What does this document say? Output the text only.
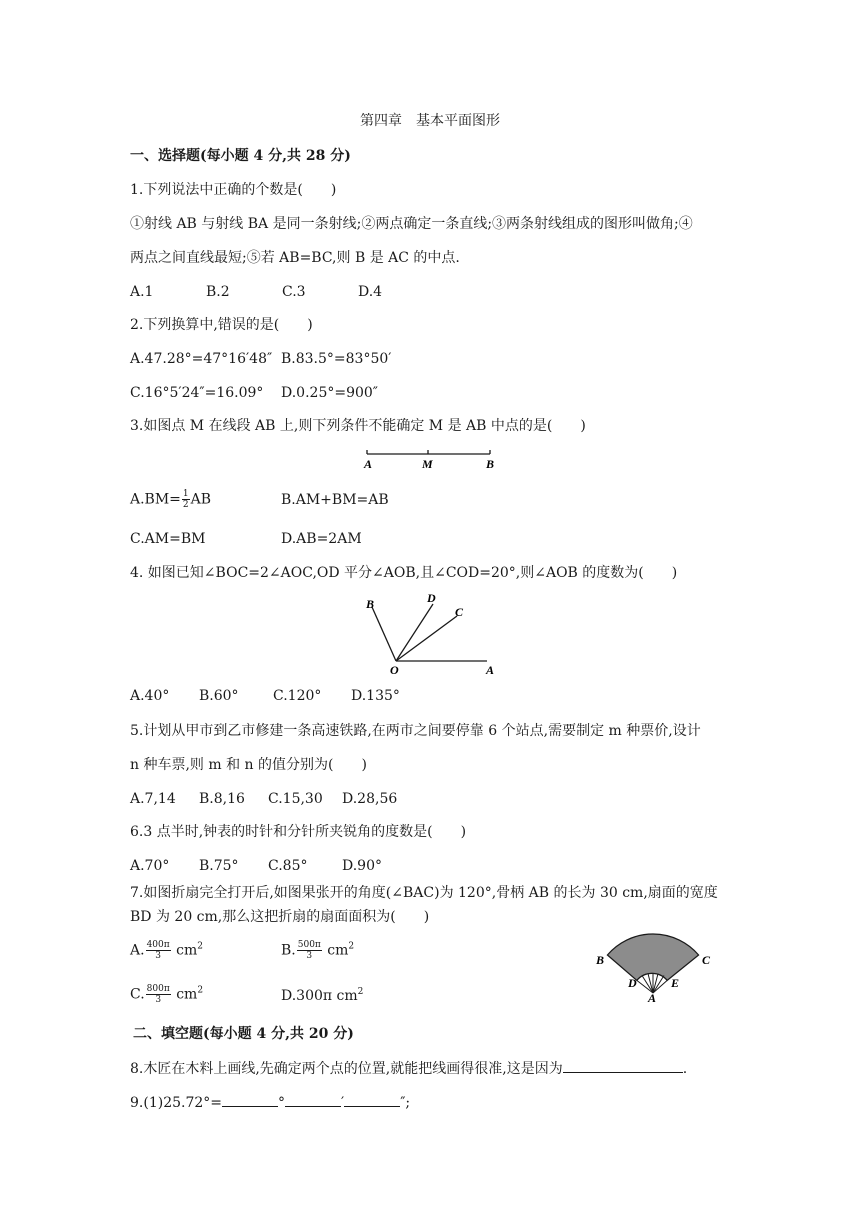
第四章　基本平面图形
一、选择题(每小题 4 分,共 28 分)
1.下列说法中正确的个数是(　　)
①射线 AB 与射线 BA 是同一条射线;②两点确定一条直线;③两条射线组成的图形叫做角;④
两点之间直线最短;⑤若 AB=BC,则 B 是 AC 的中点.
A.1	B.2	C.3	D.4
2.下列换算中,错误的是(　　)
A.47.28°=47°16′48″ B.83.5°=83°50′
C.16°5′24″=16.09° D.0.25°=900″
3.如图点 M 在线段 AB 上,则下列条件不能确定 M 是 AB 中点的是(　　)
A	M	B
$A.BM= \frac{1}{2}$ AB	B.AM+BM=AB
C.AM=BM	D.AB=2AM
4. 如图已知∠BOC=2∠AOC,OD 平分∠AOB,且∠COD=20°,则∠AOB 的度数为(　　)
B	D
C
O	A
A.40° B.60° C.120° D.135°
5.计划从甲市到乙市修建一条高速铁路,在两市之间要停靠 6 个站点,需要制定 m 种票价,设计
n 种车票,则 m 和 n 的值分别为(　　)
A.7,14 B.8,16 C.15,30 D.28,56
6.3 点半时,钟表的时针和分针所夹锐角的度数是(　　)
A.70° B.75° C.85° D.90°
7.如图折扇完全打开后,如图果张开的角度(∠BAC)为 120°,骨柄 AB 的长为 30 cm,扇面的宽度
BD 为 20 cm,那么这把折扇的扇面面积为(　　)
A. $\frac{400\pi}{3} cm^2$	B. $\frac{500\pi}{3} cm^2$
C. $\frac{800\pi}{3} cm^2$	D.300π $cm^2$
B	C
D	E
A
二、填空题(每小题 4 分,共 20 分)
8.木匠在木料上画线,先确定两个点的位置,就能把线画得很准,这是因为	.
9.(1)25.72°=	°	′	″;
